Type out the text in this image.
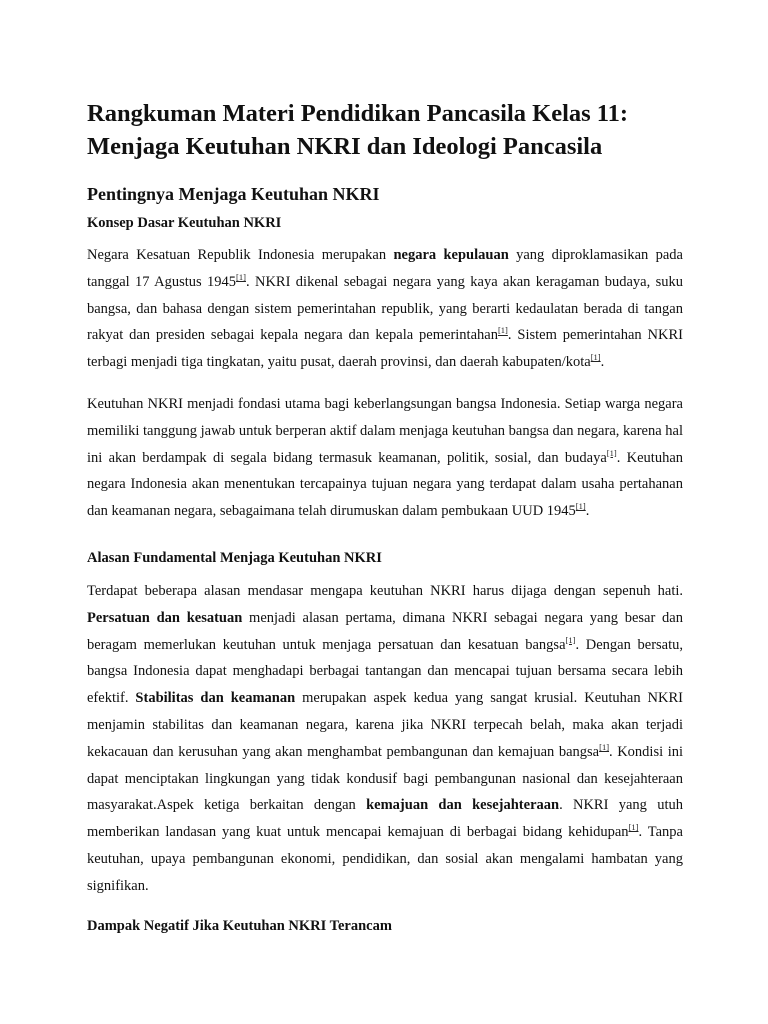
Rangkuman Materi Pendidikan Pancasila Kelas 11: Menjaga Keutuhan NKRI dan Ideologi Pancasila
Pentingnya Menjaga Keutuhan NKRI
Konsep Dasar Keutuhan NKRI

Negara Kesatuan Republik Indonesia merupakan negara kepulauan yang diproklamasikan pada tanggal 17 Agustus 1945[1]. NKRI dikenal sebagai negara yang kaya akan keragaman budaya, suku bangsa, dan bahasa dengan sistem pemerintahan republik, yang berarti kedaulatan berada di tangan rakyat dan presiden sebagai kepala negara dan kepala pemerintahan[1]. Sistem pemerintahan NKRI terbagi menjadi tiga tingkatan, yaitu pusat, daerah provinsi, dan daerah kabupaten/kota[1].

Keutuhan NKRI menjadi fondasi utama bagi keberlangsungan bangsa Indonesia. Setiap warga negara memiliki tanggung jawab untuk berperan aktif dalam menjaga keutuhan bangsa dan negara, karena hal ini akan berdampak di segala bidang termasuk keamanan, politik, sosial, dan budaya[1]. Keutuhan negara Indonesia akan menentukan tercapainya tujuan negara yang terdapat dalam usaha pertahanan dan keamanan negara, sebagaimana telah dirumuskan dalam pembukaan UUD 1945[1].

Alasan Fundamental Menjaga Keutuhan NKRI

Terdapat beberapa alasan mendasar mengapa keutuhan NKRI harus dijaga dengan sepenuh hati. Persatuan dan kesatuan menjadi alasan pertama, dimana NKRI sebagai negara yang besar dan beragam memerlukan keutuhan untuk menjaga persatuan dan kesatuan bangsa[1]. Dengan bersatu, bangsa Indonesia dapat menghadapi berbagai tantangan dan mencapai tujuan bersama secara lebih efektif. Stabilitas dan keamanan merupakan aspek kedua yang sangat krusial. Keutuhan NKRI menjamin stabilitas dan keamanan negara, karena jika NKRI terpecah belah, maka akan terjadi kekacauan dan kerusuhan yang akan menghambat pembangunan dan kemajuan bangsa[1]. Kondisi ini dapat menciptakan lingkungan yang tidak kondusif bagi pembangunan nasional dan kesejahteraan masyarakat.Aspek ketiga berkaitan dengan kemajuan dan kesejahteraan. NKRI yang utuh memberikan landasan yang kuat untuk mencapai kemajuan di berbagai bidang kehidupan[1]. Tanpa keutuhan, upaya pembangunan ekonomi, pendidikan, dan sosial akan mengalami hambatan yang signifikan.

Dampak Negatif Jika Keutuhan NKRI Terancam
